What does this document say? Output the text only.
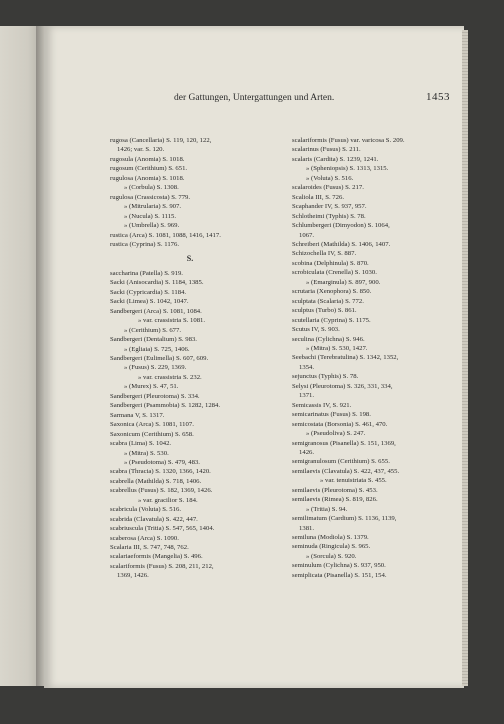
der Gattungen, Untergattungen und Arten.	1453
rugosa (Cancellaria) S. 119, 120, 122,
1426; var. S. 120.
rugosula (Anomia) S. 1018.
rugosum (Cerithium) S. 651.
rugulosa (Anomia) S. 1018.
» (Corbula) S. 1308.
rugulosa (Crassicosta) S. 779.
» (Mitrularia) S. 907.
» (Nucula) S. 1115.
» (Umbrella) S. 969.
rustica (Arca) S. 1081, 1088, 1416, 1417.
rustica (Cyprina) S. 1176.
S.
saccharina (Patella) S. 919.
Sacki (Anisocardia) S. 1184, 1385.
Sacki (Cypricardia) S. 1184.
Sacki (Limea) S. 1042, 1047.
Sandbergeri (Arca) S. 1081, 1084.
» var. crassistria S. 1081.
» (Cerithium) S. 677.
Sandbergeri (Dentalium) S. 983.
» (Egliaia) S. 725, 1406.
Sandbergeri (Eulimella) S. 607, 609.
» (Fusus) S. 229, 1369.
» var. crassistria S. 232.
» (Murex) S. 47, 51.
Sandbergeri (Pleurotoma) S. 334.
Sandbergeri (Psammobia) S. 1282, 1284.
Sarmana V, S. 1317.
Saxonica (Arca) S. 1081, 1107.
Saxonicum (Cerithium) S. 658.
scabra (Lima) S. 1042.
» (Mitra) S. 530.
» (Pseudotoma) S. 479, 483.
scabra (Thracia) S. 1320, 1366, 1420.
scabrella (Mathilda) S. 718, 1406.
scabrellus (Fusus) S. 182, 1369, 1426.
» var. gracilior S. 184.
scabricula (Voluta) S. 516.
scabrida (Clavatula) S. 422, 447.
scabriuscula (Tritia) S. 547, 565, 1404.
scaberosa (Arca) S. 1090.
Scalaria III, S. 747, 748, 762.
scalariaeformis (Mangelia) S. 496.
scalariformis (Fusus) S. 208, 211, 212,
1369, 1426.
scalariformis (Fusus) var. varicosa S. 209.
scalarinus (Fusus) S. 211.
scalaris (Cardita) S. 1239, 1241.
» (Spheniopsis) S. 1313, 1315.
» (Voluta) S. 516.
scalaroides (Fusus) S. 217.
Scaliola III, S. 726.
Scaphander IV, S. 937, 957.
Schlotheimi (Typhis) S. 78.
Schlumbergeri (Dimyodon) S. 1064,
1067.
Schreiberi (Mathilda) S. 1406, 1407.
Schizochella IV, S. 887.
scobina (Delphinula) S. 870.
scrobiculata (Crenella) S. 1030.
» (Emarginula) S. 897, 900.
scrutaria (Xenophora) S. 850.
sculptata (Scalaria) S. 772.
sculptus (Turbo) S. 861.
scutellaria (Cyprina) S. 1175.
Scutus IV, S. 903.
seculina (Cylichna) S. 946.
» (Mitra) S. 530, 1427.
Seebachi (Terebratulina) S. 1342, 1352,
1354.
sejunctus (Typhis) S. 78.
Selysi (Pleurotoma) S. 326, 331, 334,
1371.
Semicassis IV, S. 921.
semicarinatus (Fusus) S. 198.
semicostata (Borsonia) S. 461, 470.
» (Pseudoliva) S. 247.
semigranosus (Pisanella) S. 151, 1369,
1426.
semigranulosum (Cerithium) S. 655.
semilaevis (Clavatula) S. 422, 437, 455.
» var. tenuistriata S. 455.
semilaevis (Pleurotoma) S. 453.
semilaevis (Rimea) S. 819, 826.
» (Tritia) S. 94.
semilimatum (Cardium) S. 1136, 1139,
1381.
semiluna (Modiola) S. 1379.
seminuda (Ringicula) S. 965.
» (Sorcula) S. 920.
seminulum (Cylichna) S. 937, 950.
semiplicata (Pisanella) S. 151, 154.
